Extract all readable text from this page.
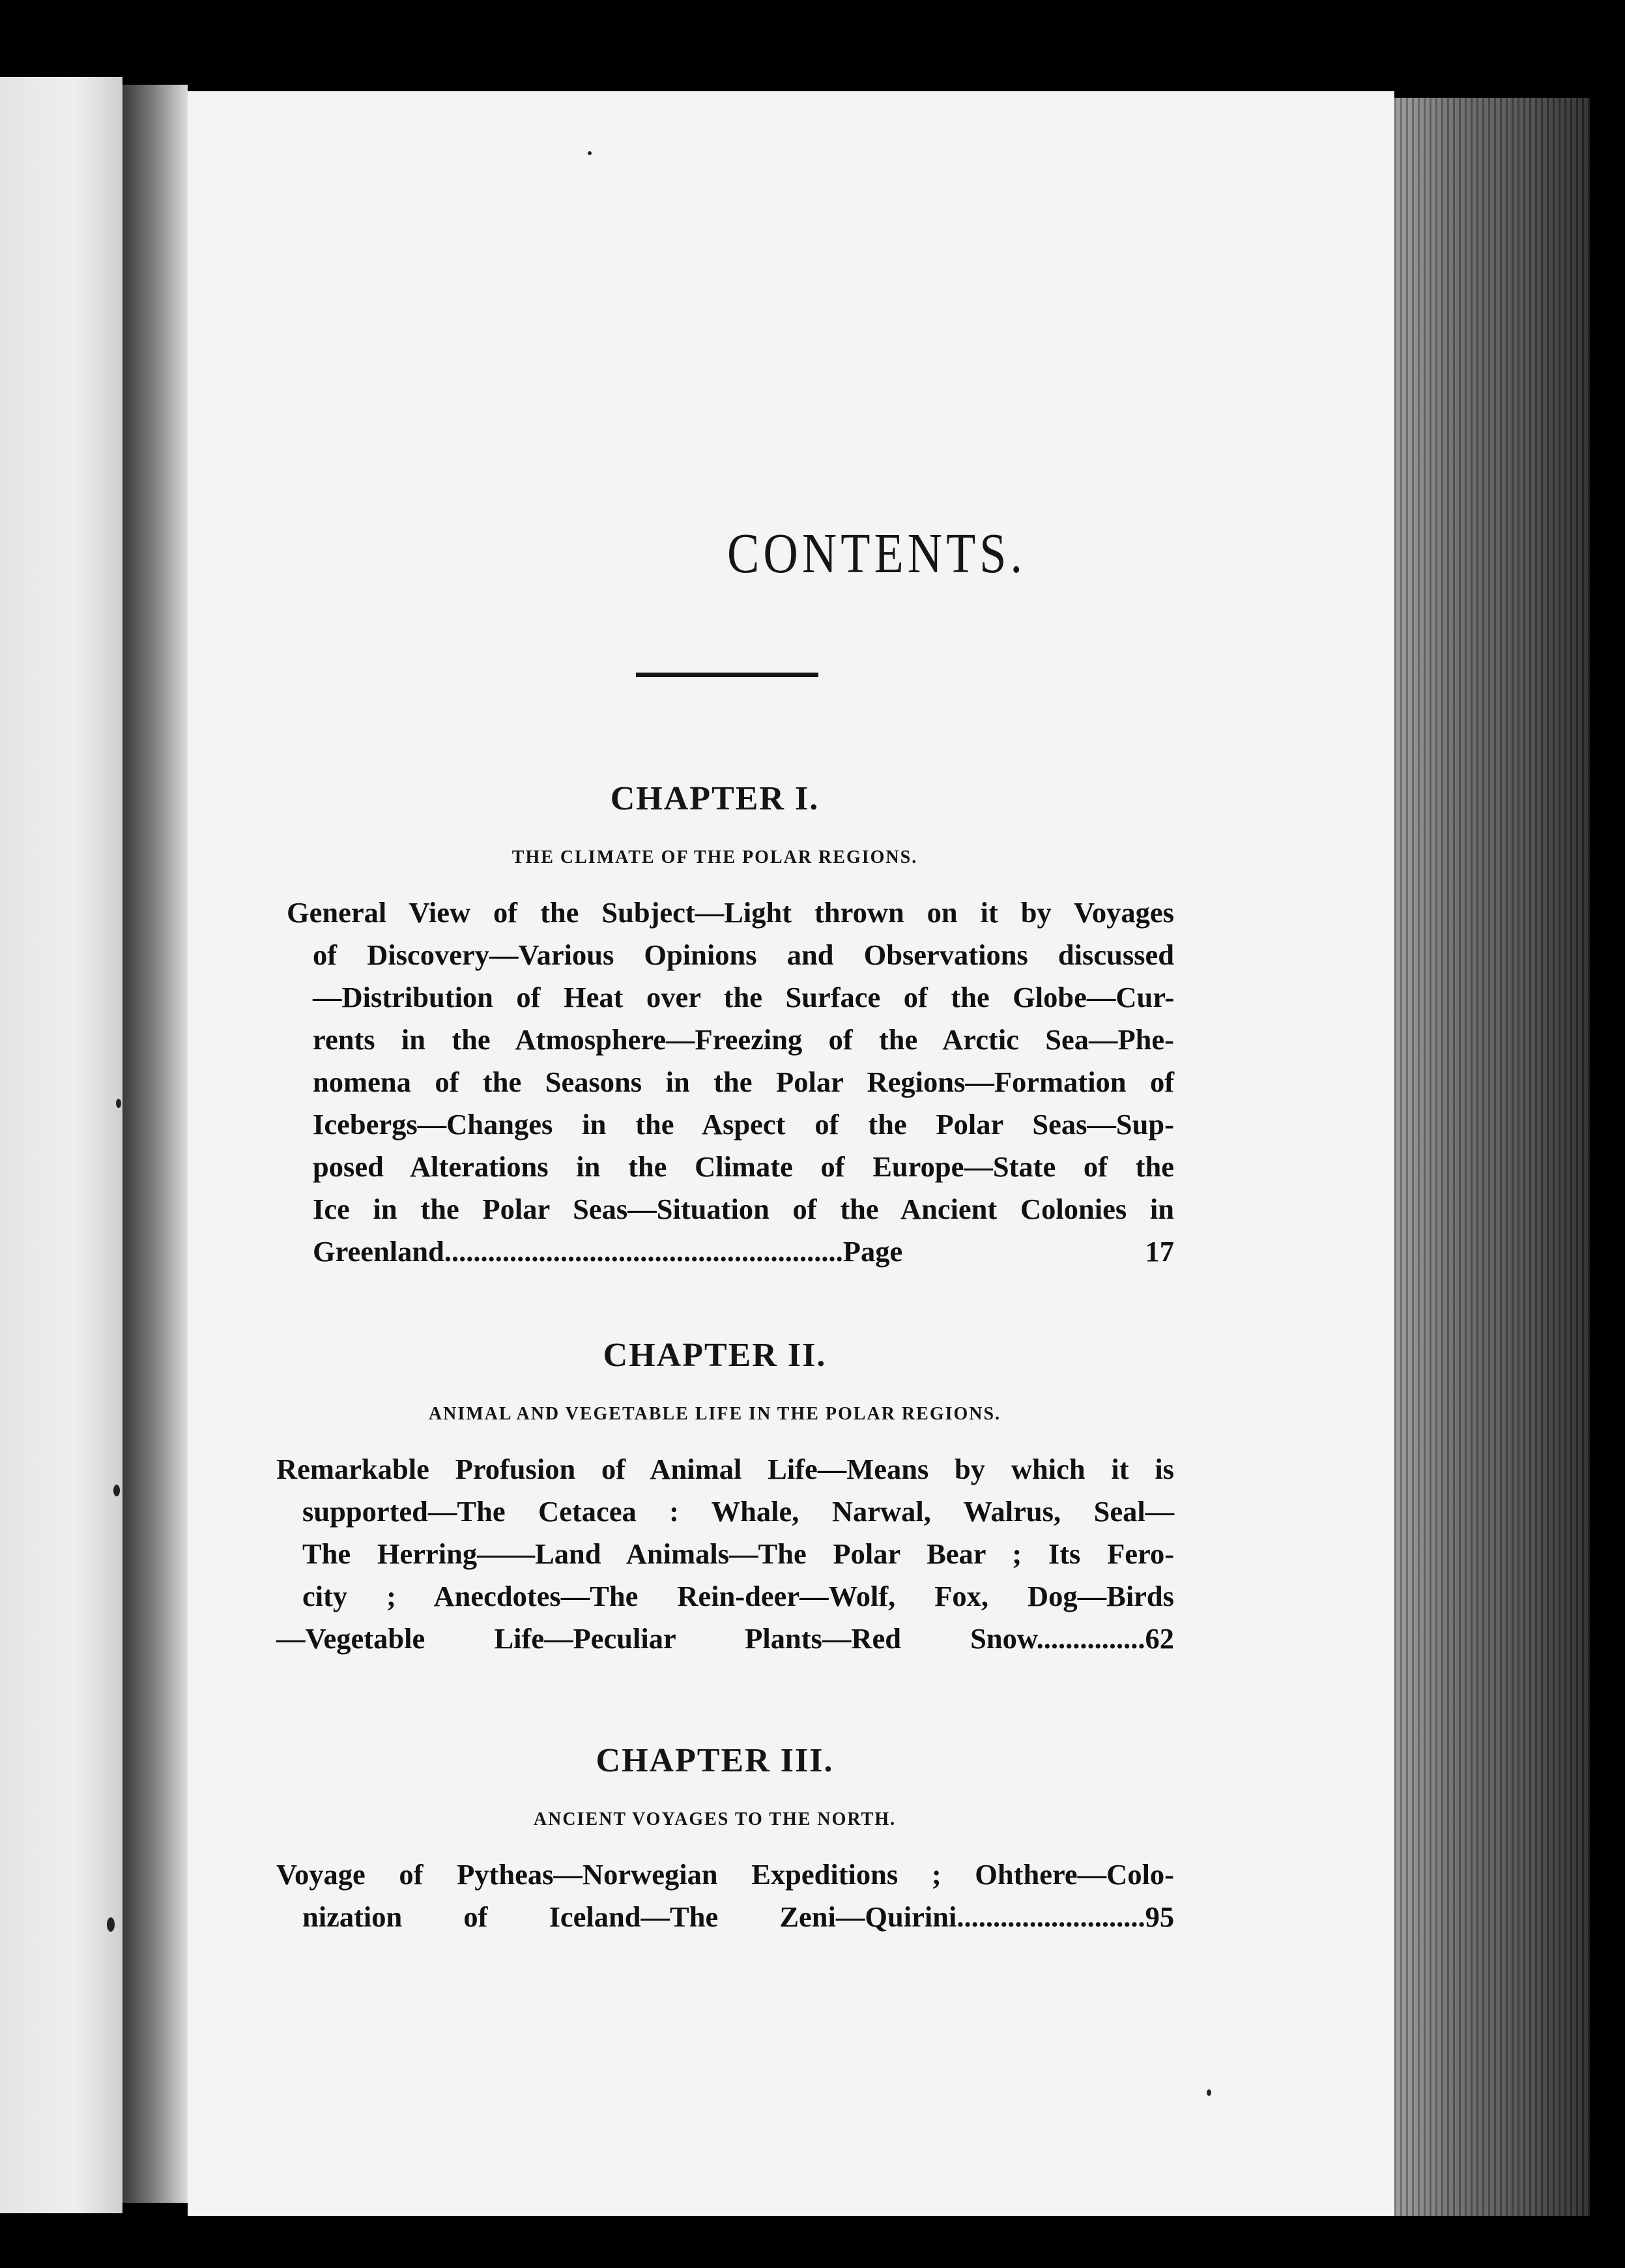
CHAPTER I.
THE CLIMATE OF THE POLAR REGIONS.
General View of the Subject—Light thrown on it by Voyages
of Discovery—Various Opinions and Observations discussed
—Distribution of Heat over the Surface of the Globe—Cur-
rents in the Atmosphere—Freezing of the Arctic Sea—Phe-
nomena of the Seasons in the Polar Regions—Formation of
Icebergs—Changes in the Aspect of the Polar Seas—Sup-
posed Alterations in the Climate of Europe—State of the
Ice in the Polar Seas—Situation of the Ancient Colonies in
Greenland.......................................................Page 17
CHAPTER II.
ANIMAL AND VEGETABLE LIFE IN THE POLAR REGIONS.
Remarkable Profusion of Animal Life—Means by which it is
supported—The Cetacea : Whale, Narwal, Walrus, Seal—
The Herring——Land Animals—The Polar Bear ; Its Fero-
city ; Anecdotes—The Rein-deer—Wolf, Fox, Dog—Birds
—Vegetable Life—Peculiar Plants—Red Snow...............62
CHAPTER III.
ANCIENT VOYAGES TO THE NORTH.
Voyage of Pytheas—Norwegian Expeditions ; Ohthere—Colo-
nization of Iceland—The Zeni—Quirini..........................95
